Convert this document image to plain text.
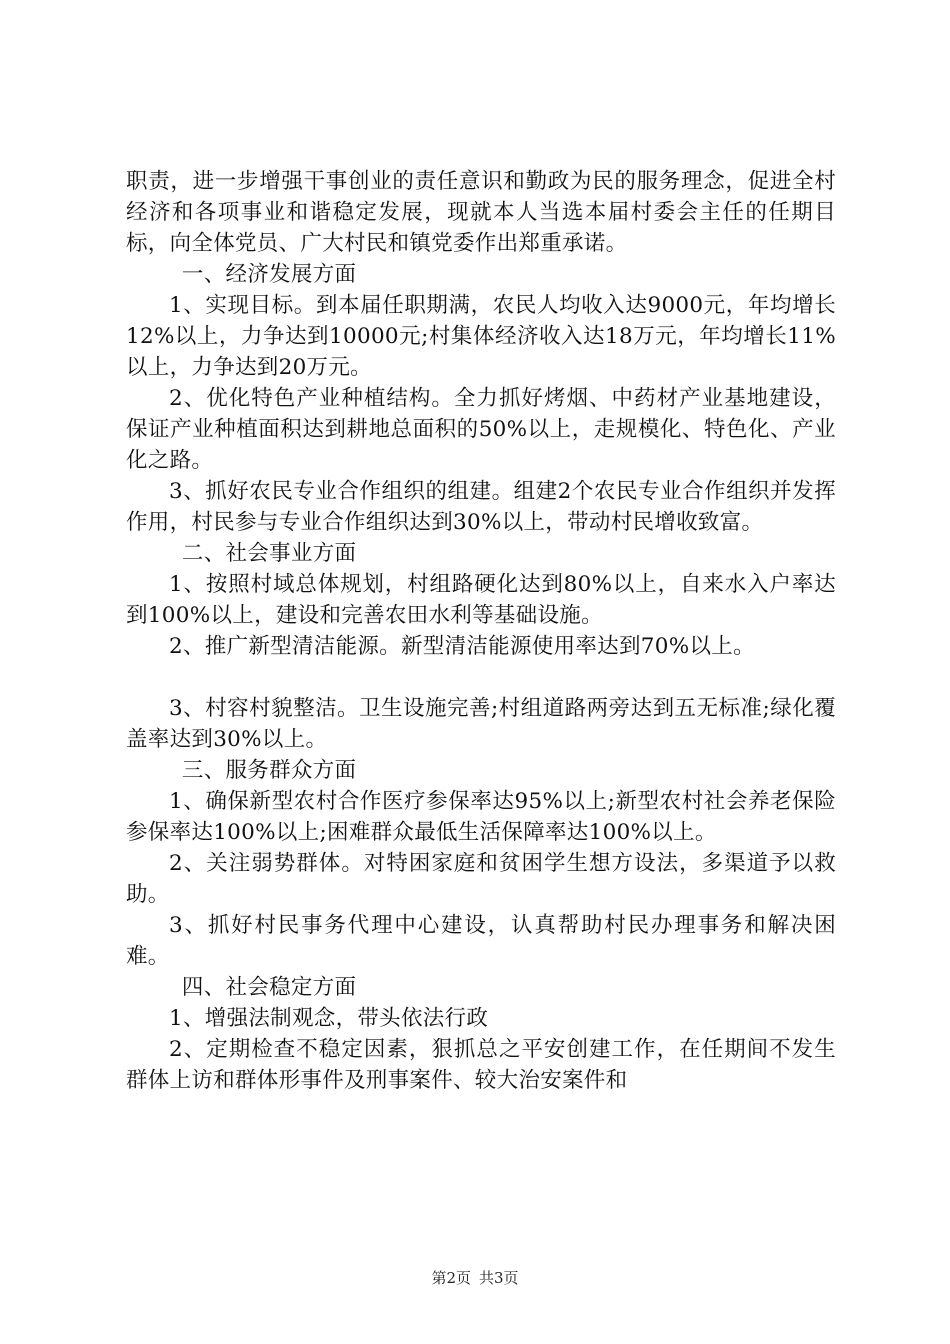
职责，进一步增强干事创业的责任意识和勤政为民的服务理念，促进全村经济和各项事业和谐稳定发展，现就本人当选本届村委会主任的任期目标，向全体党员、广大村民和镇党委作出郑重承诺。

一、经济发展方面

1、实现目标。到本届任职期满，农民人均收入达9000元，年均增长12%以上，力争达到10000元;村集体经济收入达18万元，年均增长11%以上，力争达到20万元。

2、优化特色产业种植结构。全力抓好烤烟、中药材产业基地建设，保证产业种植面积达到耕地总面积的50%以上，走规模化、特色化、产业化之路。

3、抓好农民专业合作组织的组建。组建2个农民专业合作组织并发挥作用，村民参与专业合作组织达到30%以上，带动村民增收致富。

二、社会事业方面

1、按照村域总体规划，村组路硬化达到80%以上，自来水入户率达到100%以上，建设和完善农田水利等基础设施。

2、推广新型清洁能源。新型清洁能源使用率达到70%以上。

3、村容村貌整洁。卫生设施完善;村组道路两旁达到五无标准;绿化覆盖率达到30%以上。

三、服务群众方面

1、确保新型农村合作医疗参保率达95%以上;新型农村社会养老保险参保率达100%以上;困难群众最低生活保障率达100%以上。

2、关注弱势群体。对特困家庭和贫困学生想方设法，多渠道予以救助。

3、抓好村民事务代理中心建设，认真帮助村民办理事务和解决困难。

四、社会稳定方面

1、增强法制观念，带头依法行政

2、定期检查不稳定因素，狠抓总之平安创建工作，在任期间不发生群体上访和群体形事件及刑事案件、较大治安案件和

第2页 共3页
